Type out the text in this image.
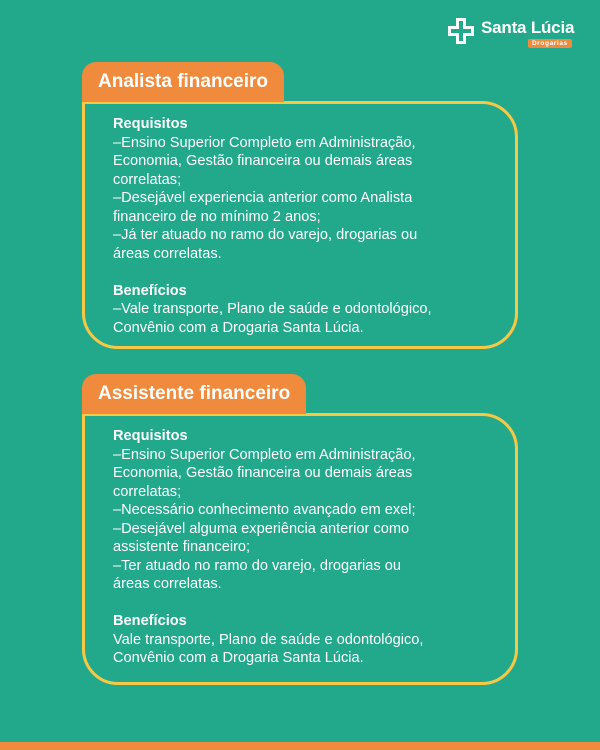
Santa Lúcia
Drogarias
Analista financeiro
Requisitos
–Ensino Superior Completo em Administração,
Economia, Gestão financeira ou demais áreas
correlatas;
–Desejável experiencia anterior como Analista
financeiro de no mínimo 2 anos;
–Já ter atuado no ramo do varejo, drogarias ou
áreas correlatas.
Benefícios
–Vale transporte, Plano de saúde e odontológico,
Convênio com a Drogaria Santa Lúcia.
Assistente financeiro
Requisitos
–Ensino Superior Completo em Administração,
Economia, Gestão financeira ou demais áreas
correlatas;
–Necessário conhecimento avançado em exel;
–Desejável alguma experiência anterior como
assistente financeiro;
–Ter atuado no ramo do varejo, drogarias ou
áreas correlatas.
Benefícios
Vale transporte, Plano de saúde e odontológico,
Convênio com a Drogaria Santa Lúcia.
